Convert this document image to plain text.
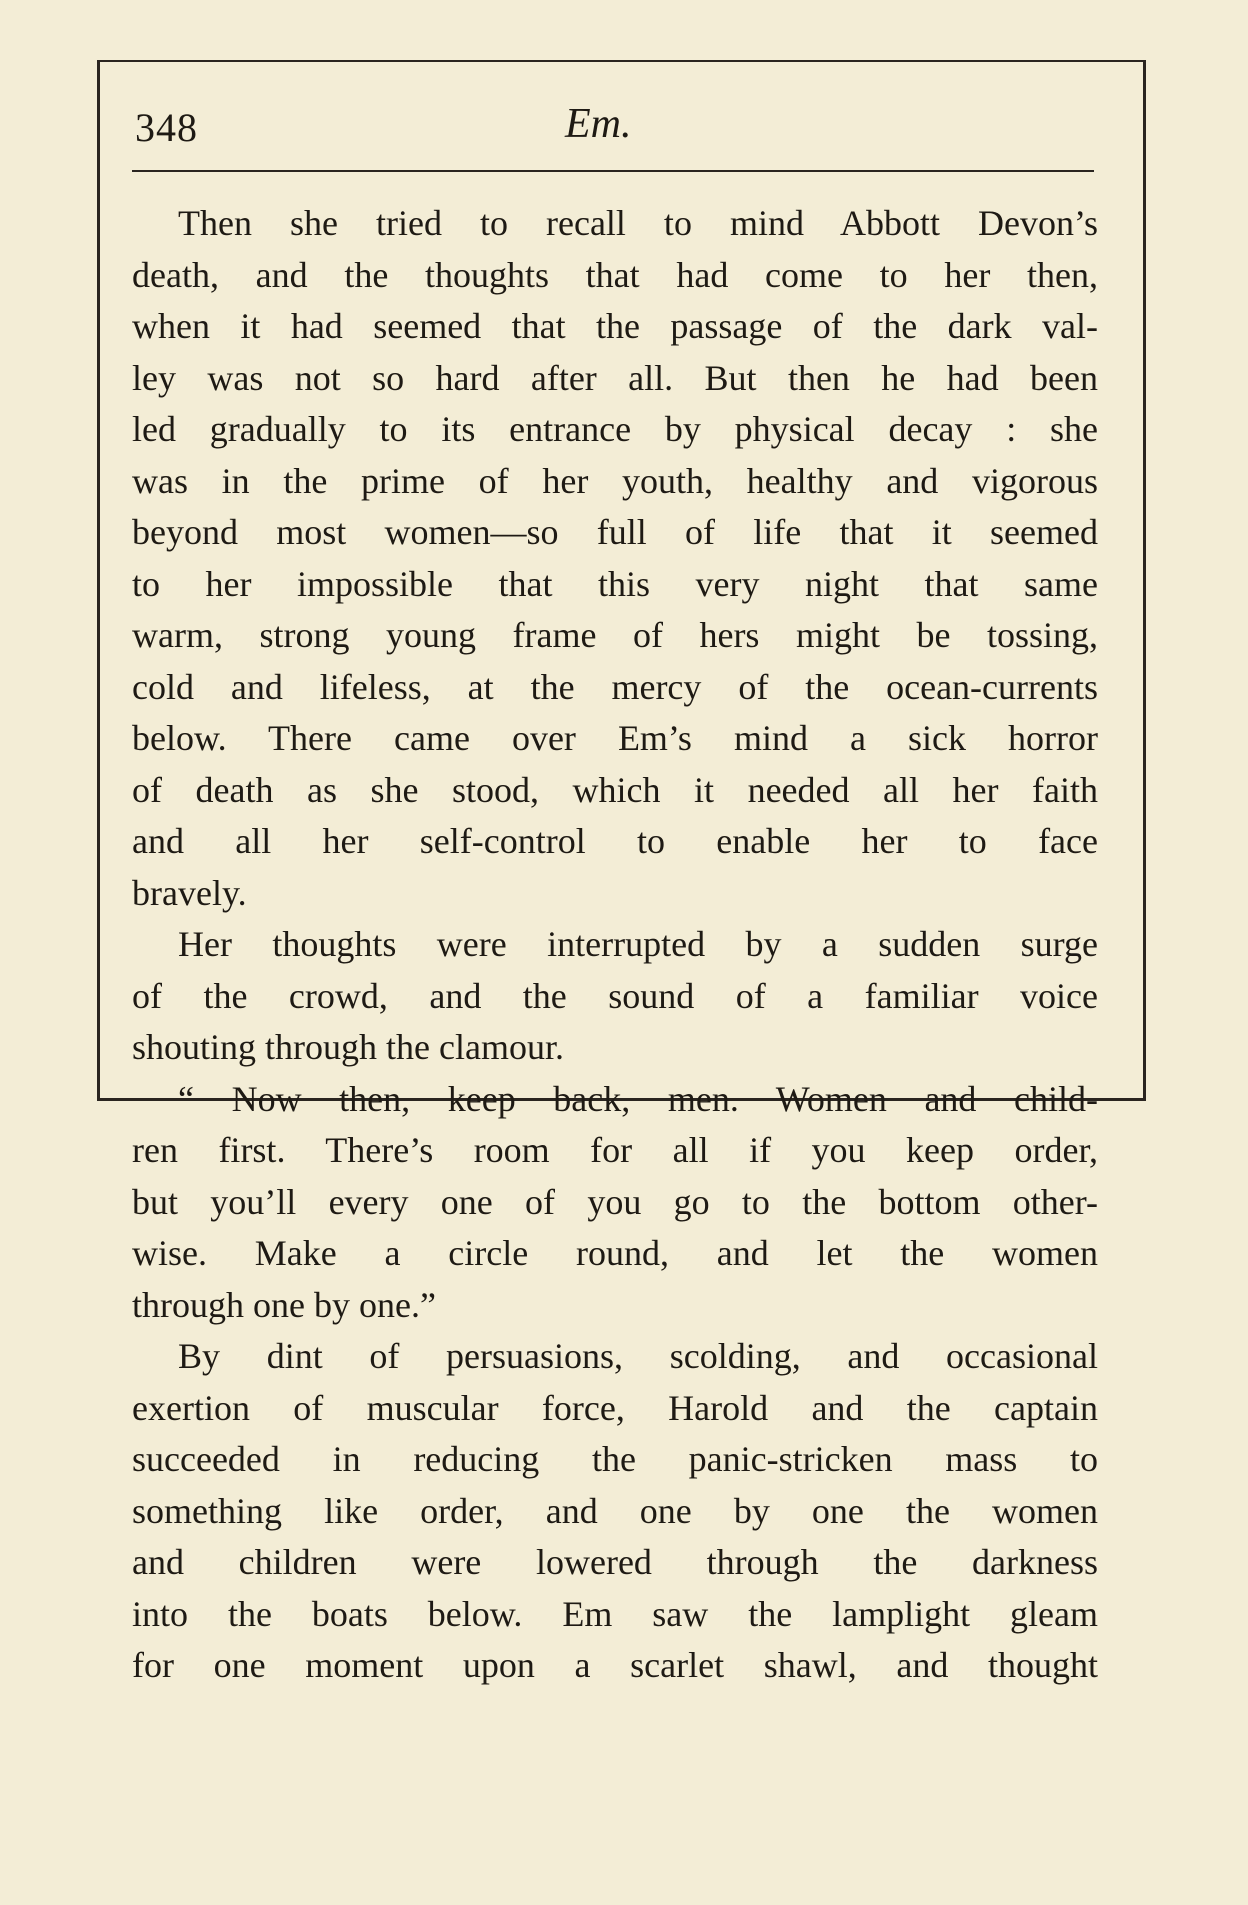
348	Em.
Then she tried to recall to mind Abbott Devon’s
death, and the thoughts that had come to her then,
when it had seemed that the passage of the dark val-
ley was not so hard after all. But then he had been
led gradually to its entrance by physical decay : she
was in the prime of her youth, healthy and vigorous
beyond most women—so full of life that it seemed
to her impossible that this very night that same
warm, strong young frame of hers might be tossing,
cold and lifeless, at the mercy of the ocean-currents
below. There came over Em’s mind a sick horror
of death as she stood, which it needed all her faith
and all her self-control to enable her to face
bravely.
Her thoughts were interrupted by a sudden surge
of the crowd, and the sound of a familiar voice
shouting through the clamour.
“ Now then, keep back, men. Women and child-
ren first. There’s room for all if you keep order,
but you’ll every one of you go to the bottom other-
wise. Make a circle round, and let the women
through one by one.”
By dint of persuasions, scolding, and occasional
exertion of muscular force, Harold and the captain
succeeded in reducing the panic-stricken mass to
something like order, and one by one the women
and children were lowered through the darkness
into the boats below. Em saw the lamplight gleam
for one moment upon a scarlet shawl, and thought
